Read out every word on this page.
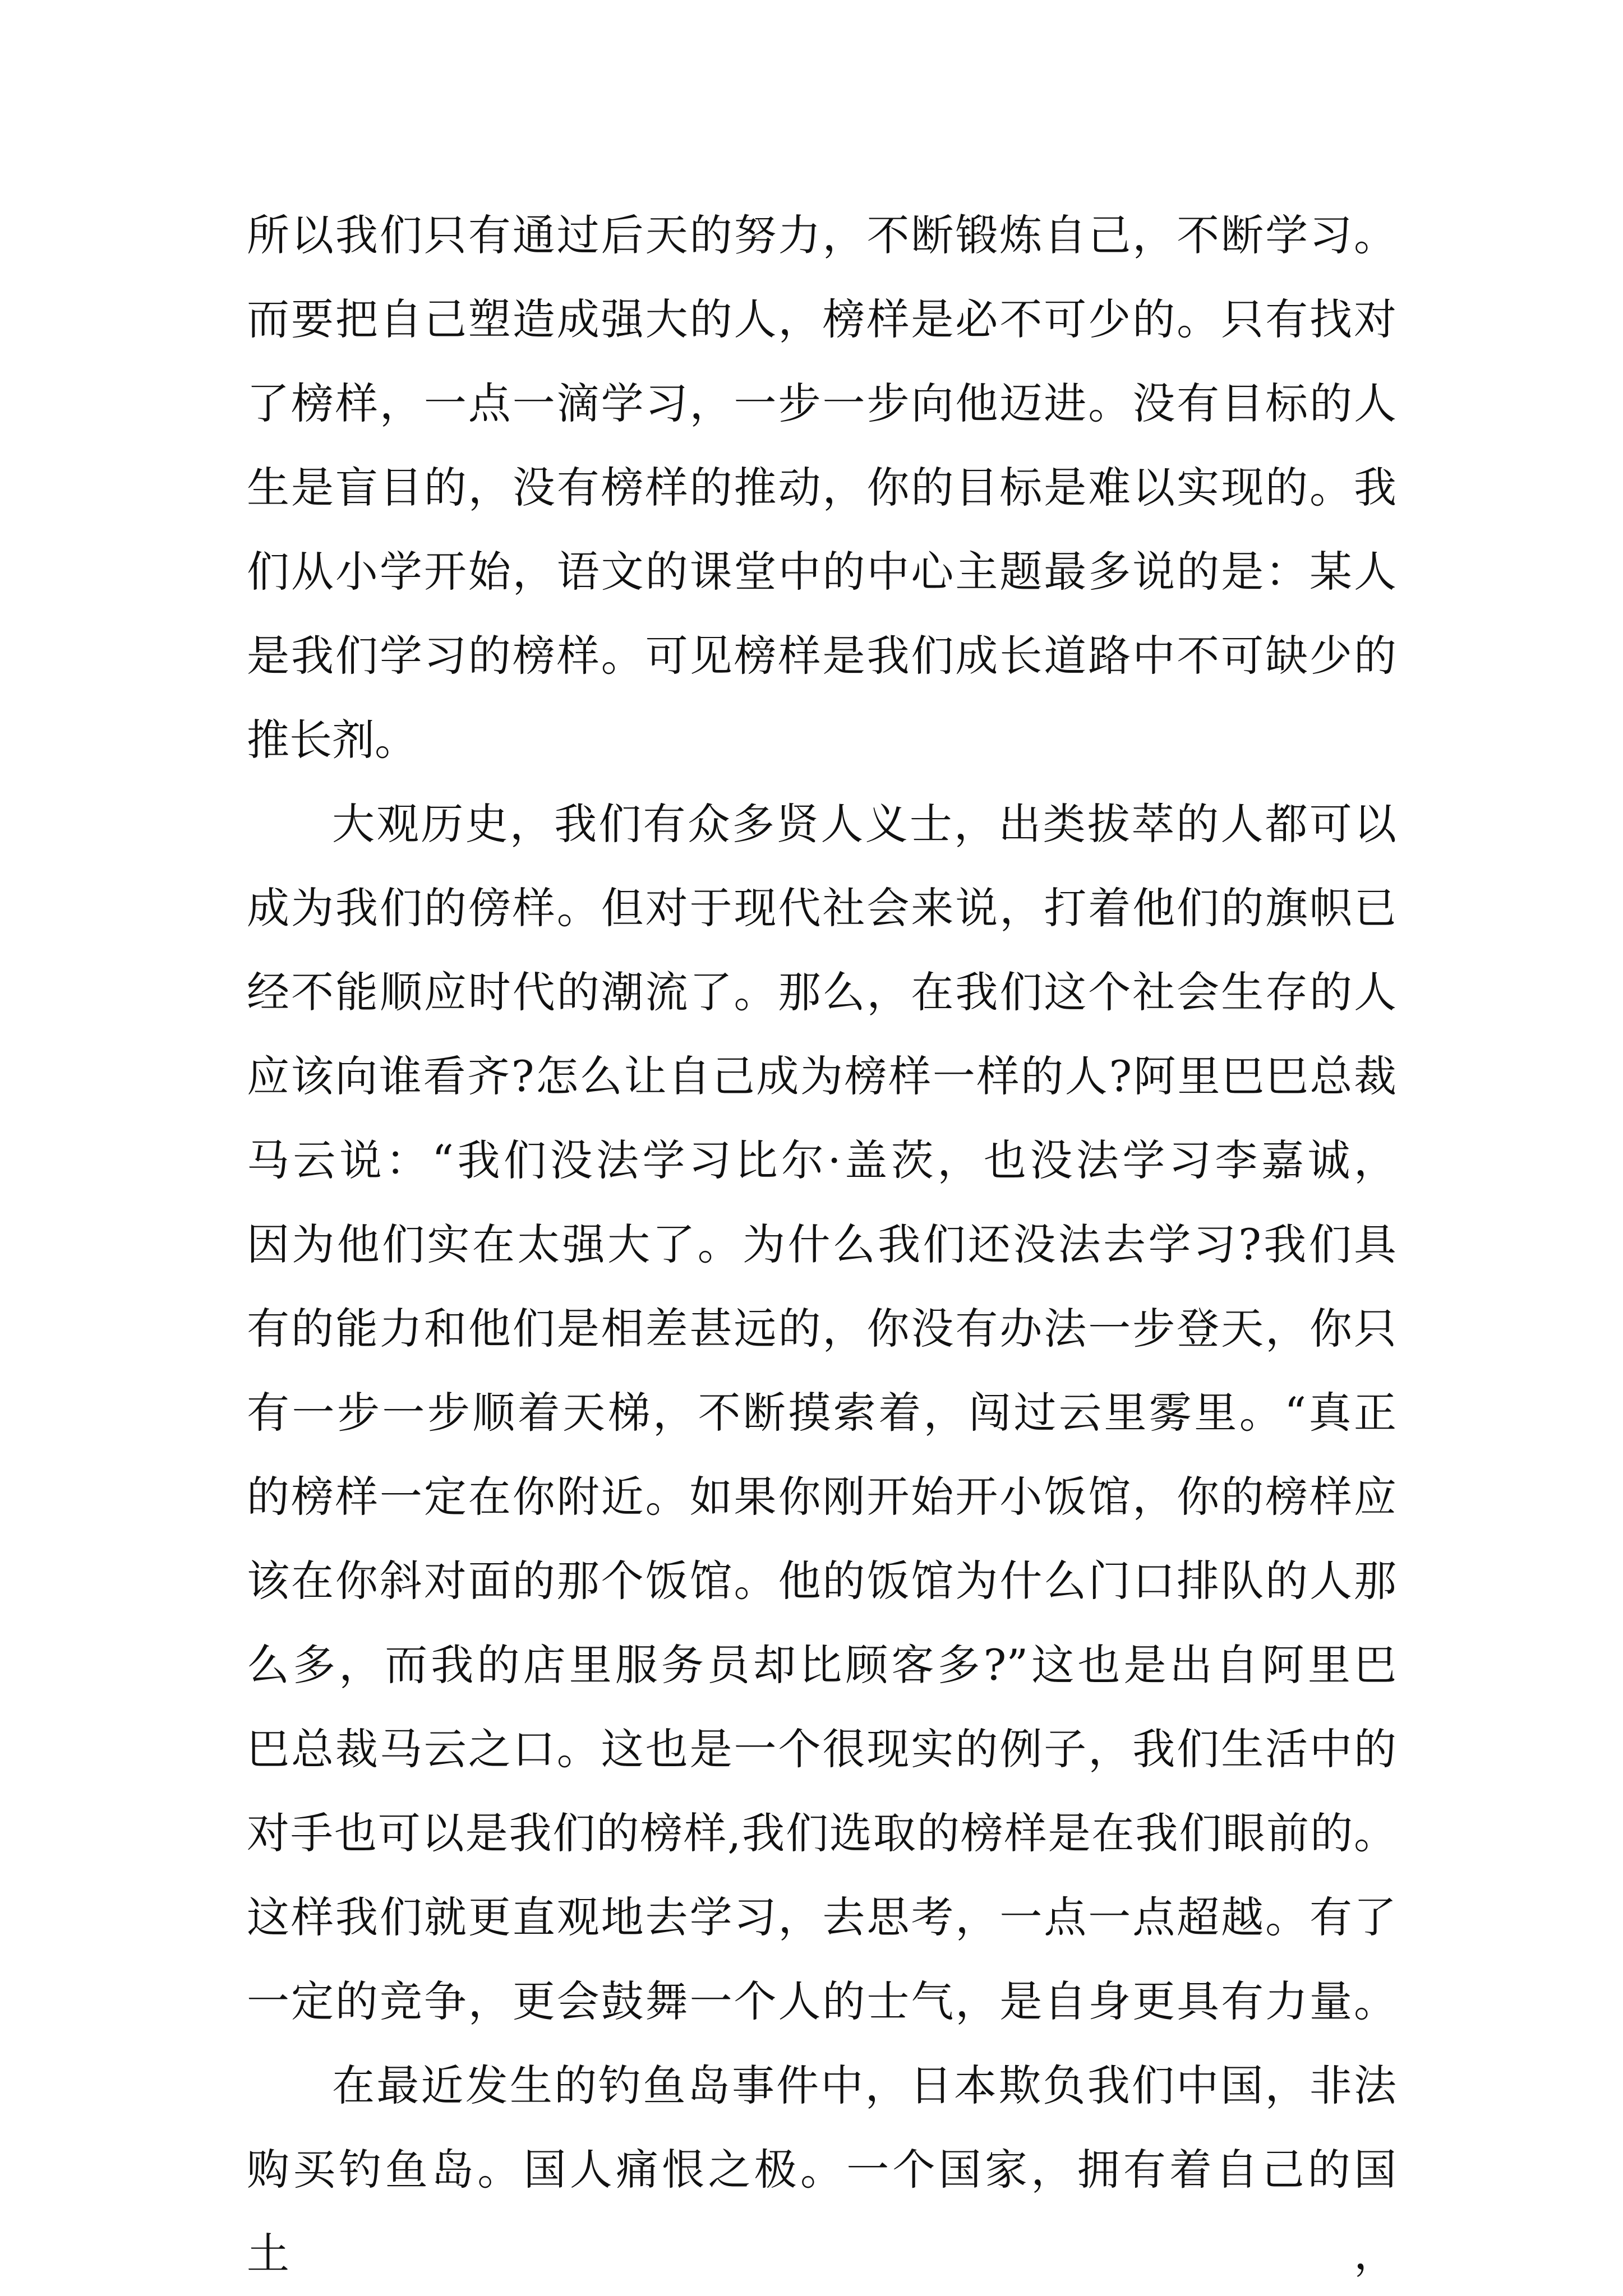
所以我们只有通过后天的努力，不断锻炼自己，不断学习。
而要把自己塑造成强大的人，榜样是必不可少的。只有找对
了榜样，一点一滴学习，一步一步向他迈进。没有目标的人
生是盲目的，没有榜样的推动，你的目标是难以实现的。我
们从小学开始，语文的课堂中的中心主题最多说的是：某人
是我们学习的榜样。可见榜样是我们成长道路中不可缺少的
推长剂。
大观历史，我们有众多贤人义士，出类拔萃的人都可以
成为我们的傍样。但对于现代社会来说，打着他们的旗帜已
经不能顺应时代的潮流了。那么，在我们这个社会生存的人
应该向谁看齐?怎么让自己成为榜样一样的人?阿里巴巴总裁
马云说：“我们没法学习比尔·盖茨，也没法学习李嘉诚，
因为他们实在太强大了。为什么我们还没法去学习?我们具
有的能力和他们是相差甚远的，你没有办法一步登天，你只
有一步一步顺着天梯，不断摸索着，闯过云里雾里。“真正
的榜样一定在你附近。如果你刚开始开小饭馆，你的榜样应
该在你斜对面的那个饭馆。他的饭馆为什么门口排队的人那
么多，而我的店里服务员却比顾客多?”这也是出自阿里巴
巴总裁马云之口。这也是一个很现实的例子，我们生活中的
对手也可以是我们的榜样,我们选取的榜样是在我们眼前的。
这样我们就更直观地去学习，去思考，一点一点超越。有了
一定的竞争，更会鼓舞一个人的士气，是自身更具有力量。
在最近发生的钓鱼岛事件中，日本欺负我们中国，非法
购买钓鱼岛。国人痛恨之极。一个国家，拥有着自己的国土，
